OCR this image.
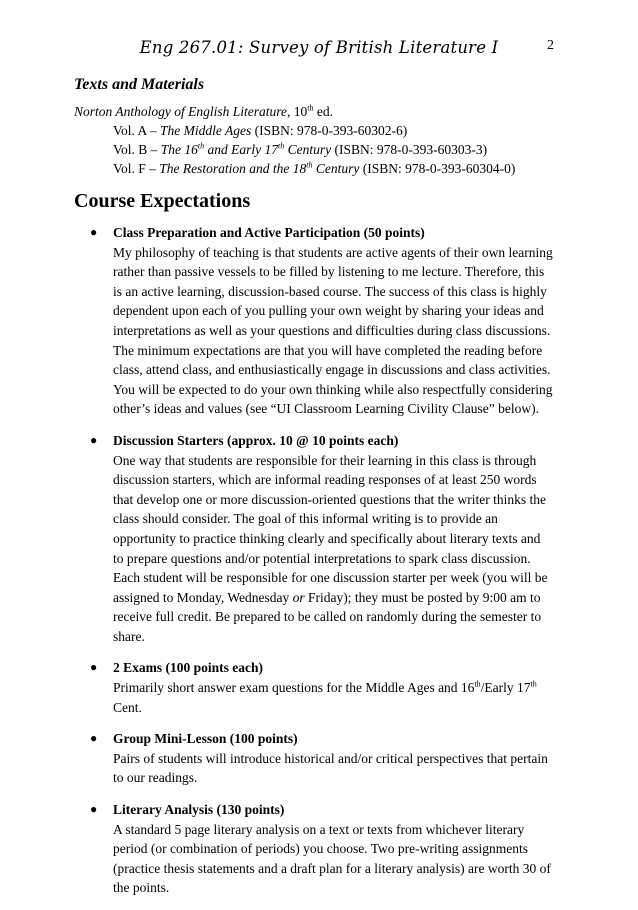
Eng 267.01: Survey of British Literature I	2
Texts and Materials
Norton Anthology of English Literature, 10th ed.
Vol. A – The Middle Ages (ISBN: 978-0-393-60302-6)
Vol. B – The 16th and Early 17th Century (ISBN: 978-0-393-60303-3)
Vol. F – The Restoration and the 18th Century (ISBN: 978-0-393-60304-0)
Course Expectations
● Class Preparation and Active Participation (50 points)
My philosophy of teaching is that students are active agents of their own learning rather than passive vessels to be filled by listening to me lecture. Therefore, this is an active learning, discussion-based course. The success of this class is highly dependent upon each of you pulling your own weight by sharing your ideas and interpretations as well as your questions and difficulties during class discussions. The minimum expectations are that you will have completed the reading before class, attend class, and enthusiastically engage in discussions and class activities. You will be expected to do your own thinking while also respectfully considering other’s ideas and values (see “UI Classroom Learning Civility Clause” below).
● Discussion Starters (approx. 10 @ 10 points each)
One way that students are responsible for their learning in this class is through discussion starters, which are informal reading responses of at least 250 words that develop one or more discussion-oriented questions that the writer thinks the class should consider. The goal of this informal writing is to provide an opportunity to practice thinking clearly and specifically about literary texts and to prepare questions and/or potential interpretations to spark class discussion. Each student will be responsible for one discussion starter per week (you will be assigned to Monday, Wednesday or Friday); they must be posted by 9:00 am to receive full credit. Be prepared to be called on randomly during the semester to share.
● 2 Exams (100 points each)
Primarily short answer exam questions for the Middle Ages and 16th/Early 17th Cent.
● Group Mini-Lesson (100 points)
Pairs of students will introduce historical and/or critical perspectives that pertain to our readings.
● Literary Analysis (130 points)
A standard 5 page literary analysis on a text or texts from whichever literary period (or combination of periods) you choose. Two pre-writing assignments (practice thesis statements and a draft plan for a literary analysis) are worth 30 of the points.
